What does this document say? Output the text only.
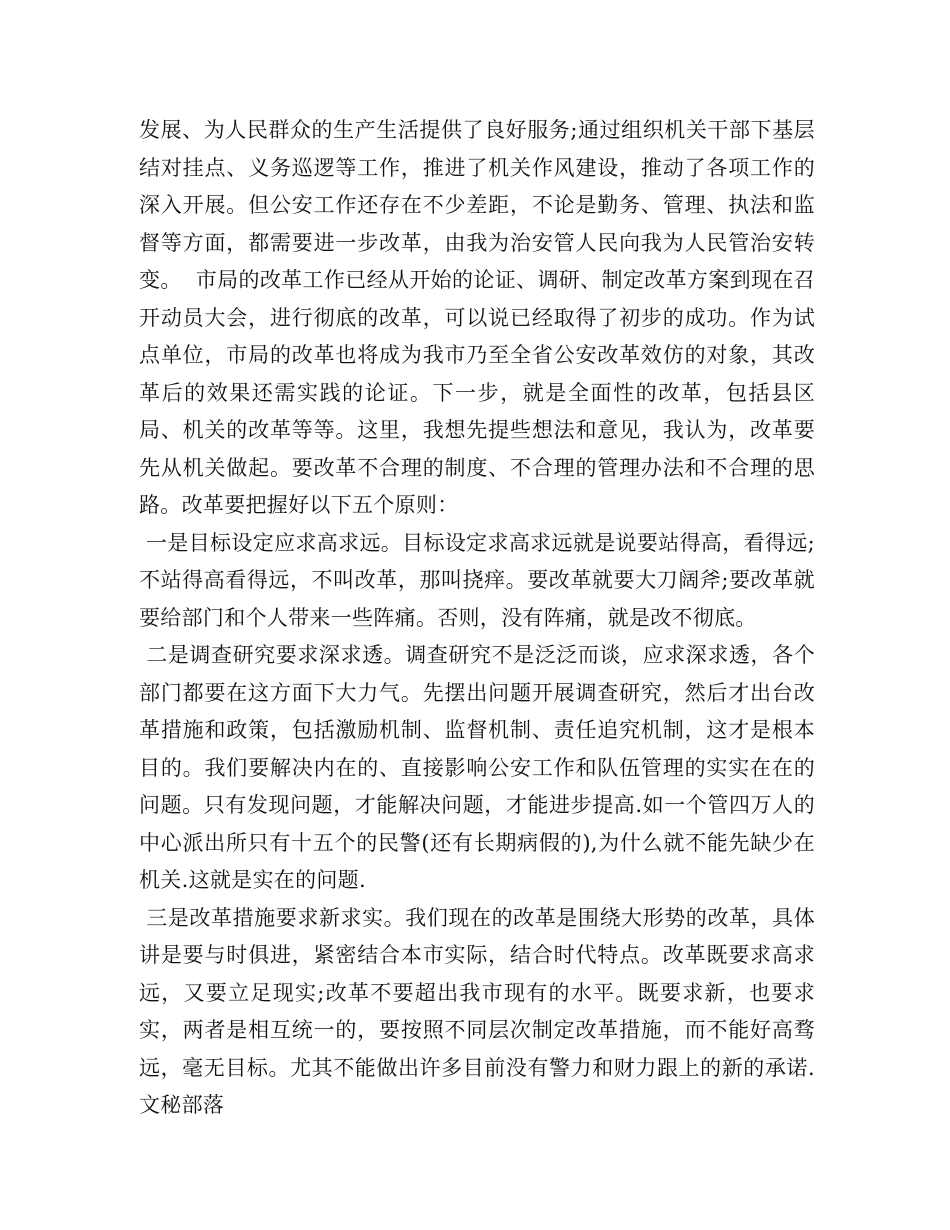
发展、为人民群众的生产生活提供了良好服务;通过组织机关干部下基层结对挂点、义务巡逻等工作，推进了机关作风建设，推动了各项工作的深入开展。但公安工作还存在不少差距，不论是勤务、管理、执法和监督等方面，都需要进一步改革，由我为治安管人民向我为人民管治安转变。  市局的改革工作已经从开始的论证、调研、制定改革方案到现在召开动员大会，进行彻底的改革，可以说已经取得了初步的成功。作为试点单位，市局的改革也将成为我市乃至全省公安改革效仿的对象，其改革后的效果还需实践的论证。下一步，就是全面性的改革，包括县区局、机关的改革等等。这里，我想先提些想法和意见，我认为，改革要先从机关做起。要改革不合理的制度、不合理的管理办法和不合理的思路。改革要把握好以下五个原则：

一是目标设定应求高求远。目标设定求高求远就是说要站得高，看得远;不站得高看得远，不叫改革，那叫挠痒。要改革就要大刀阔斧;要改革就要给部门和个人带来一些阵痛。否则，没有阵痛，就是改不彻底。

二是调查研究要求深求透。调查研究不是泛泛而谈，应求深求透，各个部门都要在这方面下大力气。先摆出问题开展调查研究，然后才出台改革措施和政策，包括激励机制、监督机制、责任追究机制，这才是根本目的。我们要解决内在的、直接影响公安工作和队伍管理的实实在在的问题。只有发现问题，才能解决问题，才能进步提高.如一个管四万人的中心派出所只有十五个的民警(还有长期病假的),为什么就不能先缺少在机关.这就是实在的问题.

三是改革措施要求新求实。我们现在的改革是围绕大形势的改革，具体讲是要与时俱进，紧密结合本市实际，结合时代特点。改革既要求高求远，又要立足现实;改革不要超出我市现有的水平。既要求新，也要求实，两者是相互统一的，要按照不同层次制定改革措施，而不能好高骛远，毫无目标。尤其不能做出许多目前没有警力和财力跟上的新的承诺.文秘部落
